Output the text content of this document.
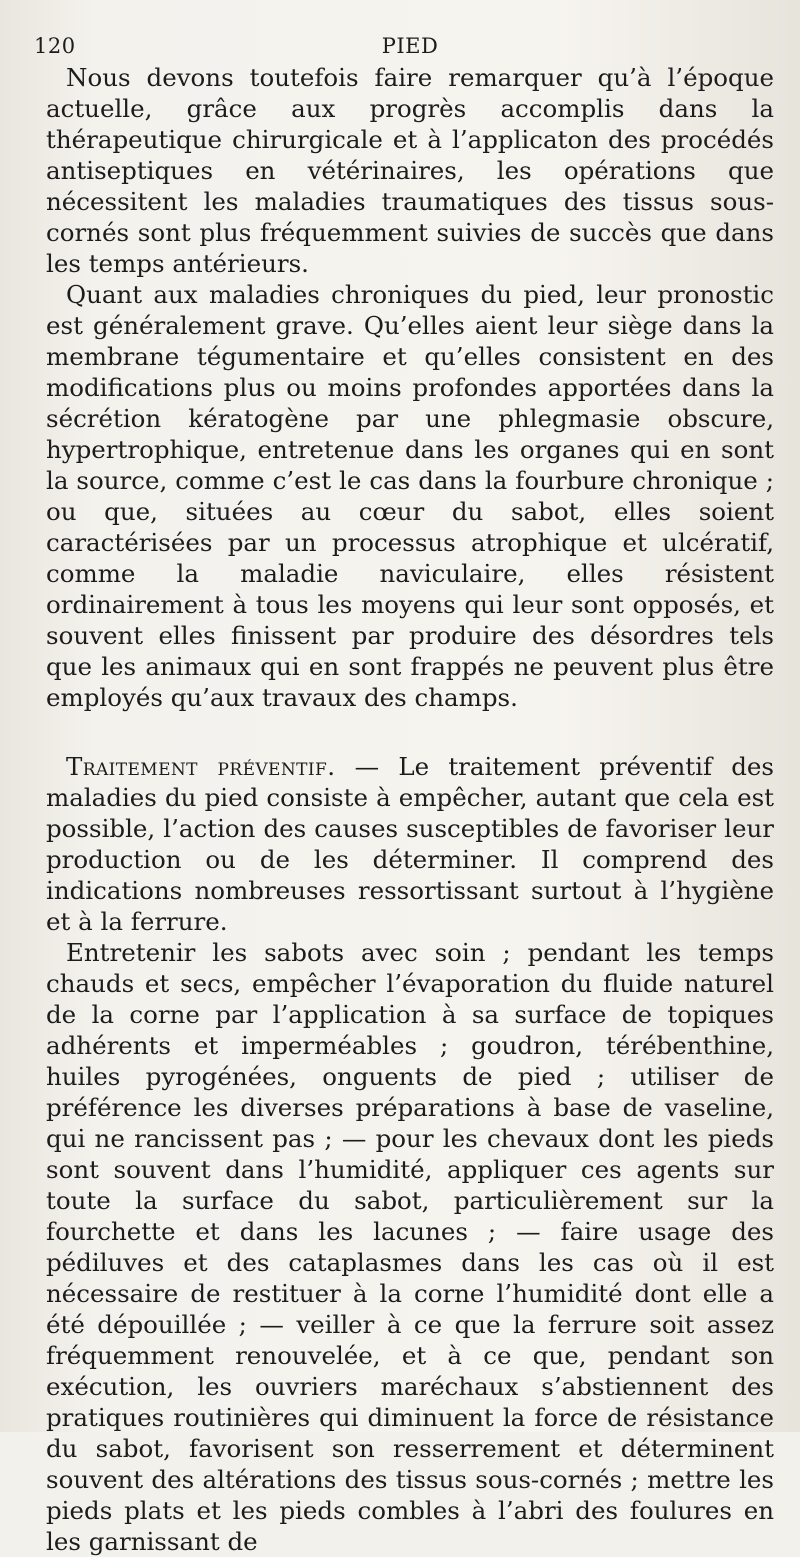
120	PIED

Nous devons toutefois faire remarquer qu’à l’époque actuelle, grâce aux progrès accomplis dans la thérapeutique chirurgicale et à l’applicaton des procédés antiseptiques en vétérinaires, les opérations que nécessitent les maladies traumatiques des tissus sous-cornés sont plus fréquemment suivies de succès que dans les temps antérieurs.

Quant aux maladies chroniques du pied, leur pronostic est généralement grave. Qu’elles aient leur siège dans la membrane tégumentaire et qu’elles consistent en des modifications plus ou moins profondes apportées dans la sécrétion kératogène par une phlegmasie obscure, hypertrophique, entretenue dans les organes qui en sont la source, comme c’est le cas dans la fourbure chronique ; ou que, situées au cœur du sabot, elles soient caractérisées par un processus atrophique et ulcératif, comme la maladie naviculaire, elles résistent ordinairement à tous les moyens qui leur sont opposés, et souvent elles finissent par produire des désordres tels que les animaux qui en sont frappés ne peuvent plus être employés qu’aux travaux des champs.

Traitement préventif. — Le traitement préventif des maladies du pied consiste à empêcher, autant que cela est possible, l’action des causes susceptibles de favoriser leur production ou de les déterminer. Il comprend des indications nombreuses ressortissant surtout à l’hygiène et à la ferrure.

Entretenir les sabots avec soin ; pendant les temps chauds et secs, empêcher l’évaporation du fluide naturel de la corne par l’application à sa surface de topiques adhérents et imperméables ; goudron, térébenthine, huiles pyrogénées, onguents de pied ; utiliser de préférence les diverses préparations à base de vaseline, qui ne rancissent pas ; — pour les chevaux dont les pieds sont souvent dans l’humidité, appliquer ces agents sur toute la surface du sabot, particulièrement sur la fourchette et dans les lacunes ; — faire usage des pédiluves et des cataplasmes dans les cas où il est nécessaire de restituer à la corne l’humidité dont elle a été dépouillée ; — veiller à ce que la ferrure soit assez fréquemment renouvelée, et à ce que, pendant son exécution, les ouvriers maréchaux s’abstiennent des pratiques routinières qui diminuent la force de résistance du sabot, favorisent son resserrement et déterminent souvent des altérations des tissus sous-cornés ; mettre les pieds plats et les pieds combles à l’abri des foulures en les garnissant de
